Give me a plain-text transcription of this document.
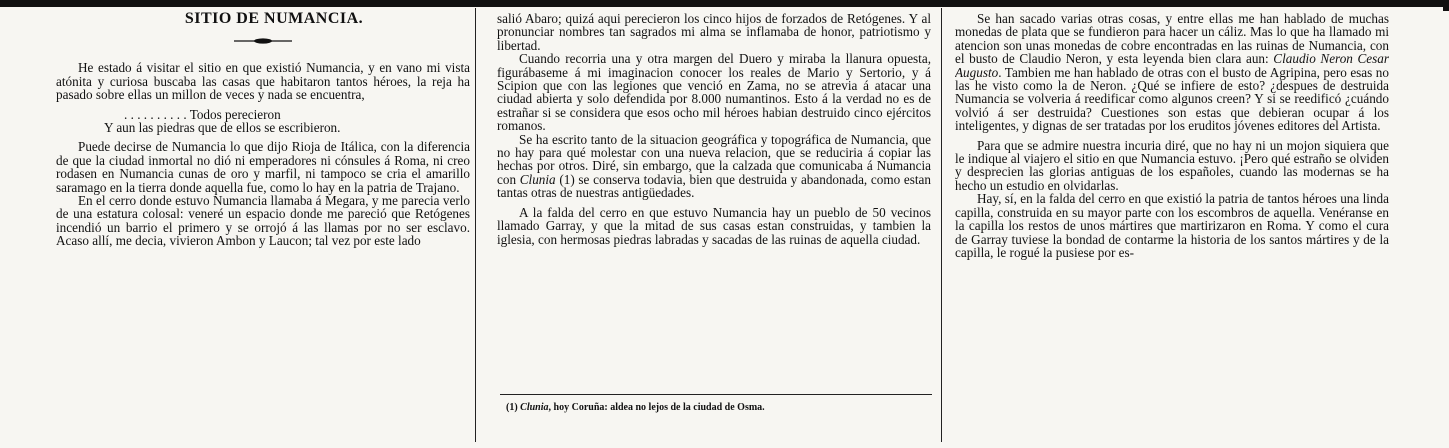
SITIO DE NUMANCIA.

He estado á visitar el sitio en que existió Numancia, y en vano mi vista atónita y curiosa buscaba las casas que habitaron tantos héroes, la reja ha pasado sobre ellas un millon de veces y nada se encuentra,

. . . . . . . . . . Todos perecieron
Y aun las piedras que de ellos se escribieron.

Puede decirse de Numancia lo que dijo Rioja de Itálica, con la diferencia de que la ciudad inmortal no dió ni emperadores ni cónsules á Roma, ni creo rodasen en Numancia cunas de oro y marfil, ni tampoco se cria el amarillo saramago en la tierra donde aquella fue, como lo hay en la patria de Trajano.

En el cerro donde estuvo Numancia llamaba á Megara, y me parecia verlo de una estatura colosal: veneré un espacio donde me pareció que Retógenes incendió un barrio el primero y se orrojó á las llamas por no ser esclavo. Acaso allí, me decia, vivieron Ambon y Laucon; tal vez por este lado

salió Abaro; quizá aqui perecieron los cinco hijos de forzados de Retógenes. Y al pronunciar nombres tan sagrados mi alma se inflamaba de honor, patriotismo y libertad.

Cuando recorria una y otra margen del Duero y miraba la llanura opuesta, figurábaseme á mi imaginacion conocer los reales de Mario y Sertorio, y á Scipion que con las legiones que venció en Zama, no se atrevia á atacar una ciudad abierta y solo defendida por 8.000 numantinos. Esto á la verdad no es de estrañar si se considera que esos ocho mil héroes habian destruido cinco ejércitos romanos.

Se ha escrito tanto de la situacion geográfica y topográfica de Numancia, que no hay para qué molestar con una nueva relacion, que se reduciria á copiar las hechas por otros. Diré, sin embargo, que la calzada que comunicaba á Numancia con Clunia (1) se conserva todavia, bien que destruida y abandonada, como estan tantas otras de nuestras antigüedades.

A la falda del cerro en que estuvo Numancia hay un pueblo de 50 vecinos llamado Garray, y que la mitad de sus casas estan construidas, y tambien la iglesia, con hermosas piedras labradas y sacadas de las ruinas de aquella ciudad.

(1) Clunia, hoy Coruña: aldea no lejos de la ciudad de Osma.

Se han sacado varias otras cosas, y entre ellas me han hablado de muchas monedas de plata que se fundieron para hacer un cáliz. Mas lo que ha llamado mi atencion son unas monedas de cobre encontradas en las ruinas de Numancia, con el busto de Claudio Neron, y esta leyenda bien clara aun: Claudio Neron Cesar Augusto. Tambien me han hablado de otras con el busto de Agripina, pero esas no las he visto como la de Neron. ¿Qué se infiere de esto? ¿despues de destruida Numancia se volveria á reedificar como algunos creen? Y si se reedificó ¿cuándo volvió á ser destruida? Cuestiones son estas que debieran ocupar á los inteligentes, y dignas de ser tratadas por los eruditos jóvenes editores del Artista.

Para que se admire nuestra incuria diré, que no hay ni un mojon siquiera que le indique al viajero el sitio en que Numancia estuvo. ¡Pero qué estraño se olviden y desprecien las glorias antiguas de los españoles, cuando las modernas se ha hecho un estudio en olvidarlas.

Hay, sí, en la falda del cerro en que existió la patria de tantos héroes una linda capilla, construida en su mayor parte con los escombros de aquella. Venéranse en la capilla los restos de unos mártires que martirizaron en Roma. Y como el cura de Garray tuviese la bondad de contarme la historia de los santos mártires y de la capilla, le rogué la pusiese por es-
